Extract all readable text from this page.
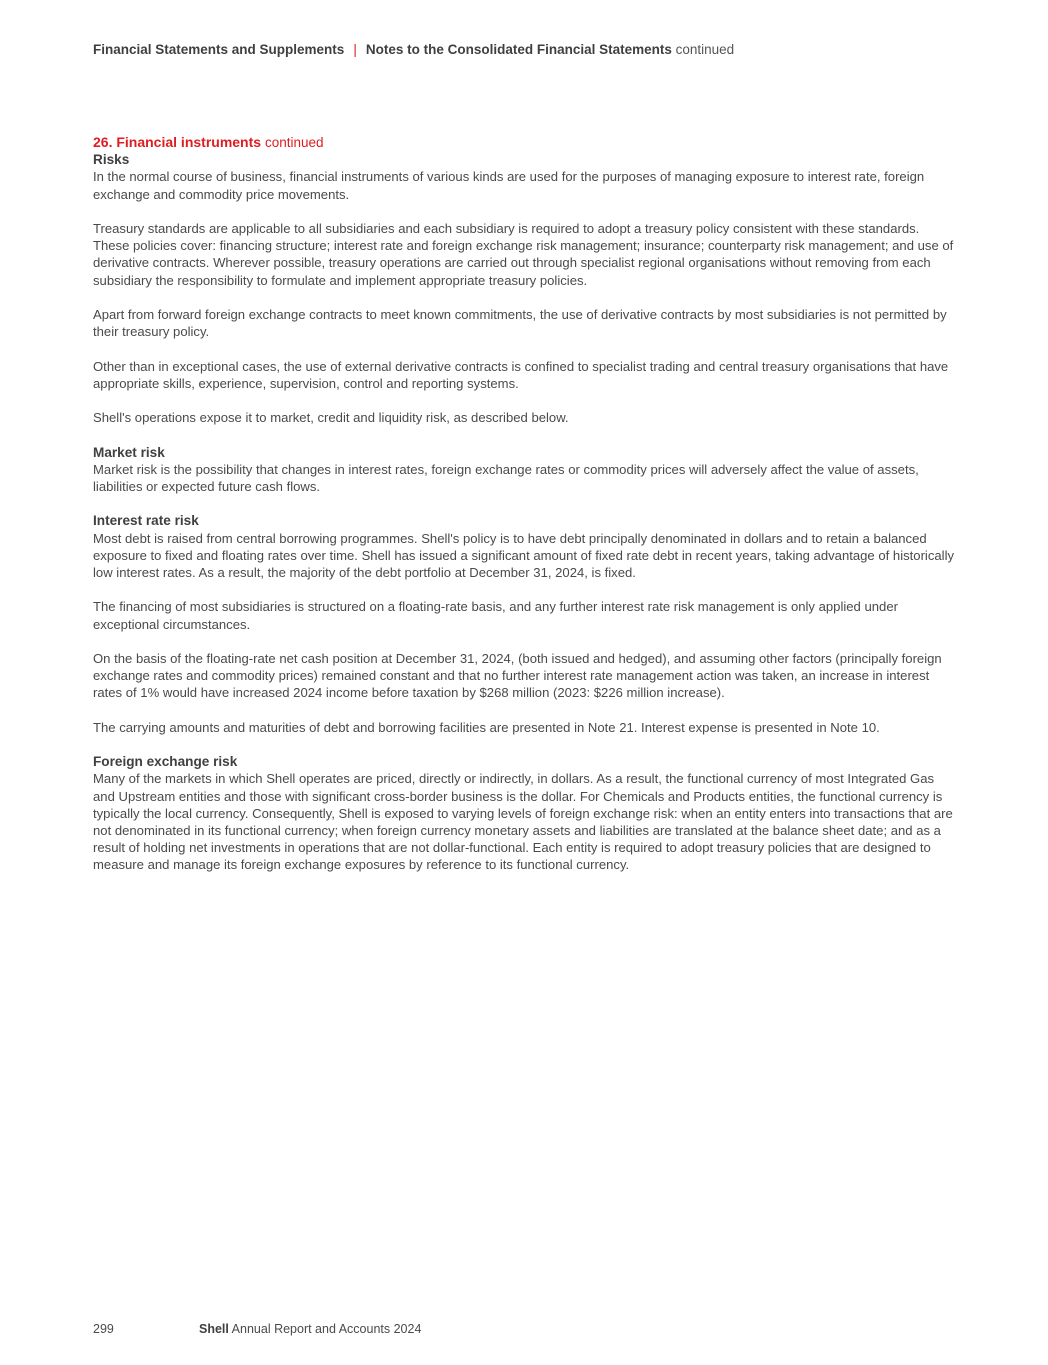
Financial Statements and Supplements | Notes to the Consolidated Financial Statements continued
26. Financial instruments continued
Risks

In the normal course of business, financial instruments of various kinds are used for the purposes of managing exposure to interest rate, foreign exchange and commodity price movements.

Treasury standards are applicable to all subsidiaries and each subsidiary is required to adopt a treasury policy consistent with these standards. These policies cover: financing structure; interest rate and foreign exchange risk management; insurance; counterparty risk management; and use of derivative contracts. Wherever possible, treasury operations are carried out through specialist regional organisations without removing from each subsidiary the responsibility to formulate and implement appropriate treasury policies.

Apart from forward foreign exchange contracts to meet known commitments, the use of derivative contracts by most subsidiaries is not permitted by their treasury policy.

Other than in exceptional cases, the use of external derivative contracts is confined to specialist trading and central treasury organisations that have appropriate skills, experience, supervision, control and reporting systems.

Shell's operations expose it to market, credit and liquidity risk, as described below.

Market risk

Market risk is the possibility that changes in interest rates, foreign exchange rates or commodity prices will adversely affect the value of assets, liabilities or expected future cash flows.

Interest rate risk

Most debt is raised from central borrowing programmes. Shell's policy is to have debt principally denominated in dollars and to retain a balanced exposure to fixed and floating rates over time. Shell has issued a significant amount of fixed rate debt in recent years, taking advantage of historically low interest rates. As a result, the majority of the debt portfolio at December 31, 2024, is fixed.

The financing of most subsidiaries is structured on a floating-rate basis, and any further interest rate risk management is only applied under exceptional circumstances.

On the basis of the floating-rate net cash position at December 31, 2024, (both issued and hedged), and assuming other factors (principally foreign exchange rates and commodity prices) remained constant and that no further interest rate management action was taken, an increase in interest rates of 1% would have increased 2024 income before taxation by $268 million (2023: $226 million increase).

The carrying amounts and maturities of debt and borrowing facilities are presented in Note 21. Interest expense is presented in Note 10.

Foreign exchange risk

Many of the markets in which Shell operates are priced, directly or indirectly, in dollars. As a result, the functional currency of most Integrated Gas and Upstream entities and those with significant cross-border business is the dollar. For Chemicals and Products entities, the functional currency is typically the local currency. Consequently, Shell is exposed to varying levels of foreign exchange risk: when an entity enters into transactions that are not denominated in its functional currency; when foreign currency monetary assets and liabilities are translated at the balance sheet date; and as a result of holding net investments in operations that are not dollar-functional. Each entity is required to adopt treasury policies that are designed to measure and manage its foreign exchange exposures by reference to its functional currency.

299	Shell Annual Report and Accounts 2024
